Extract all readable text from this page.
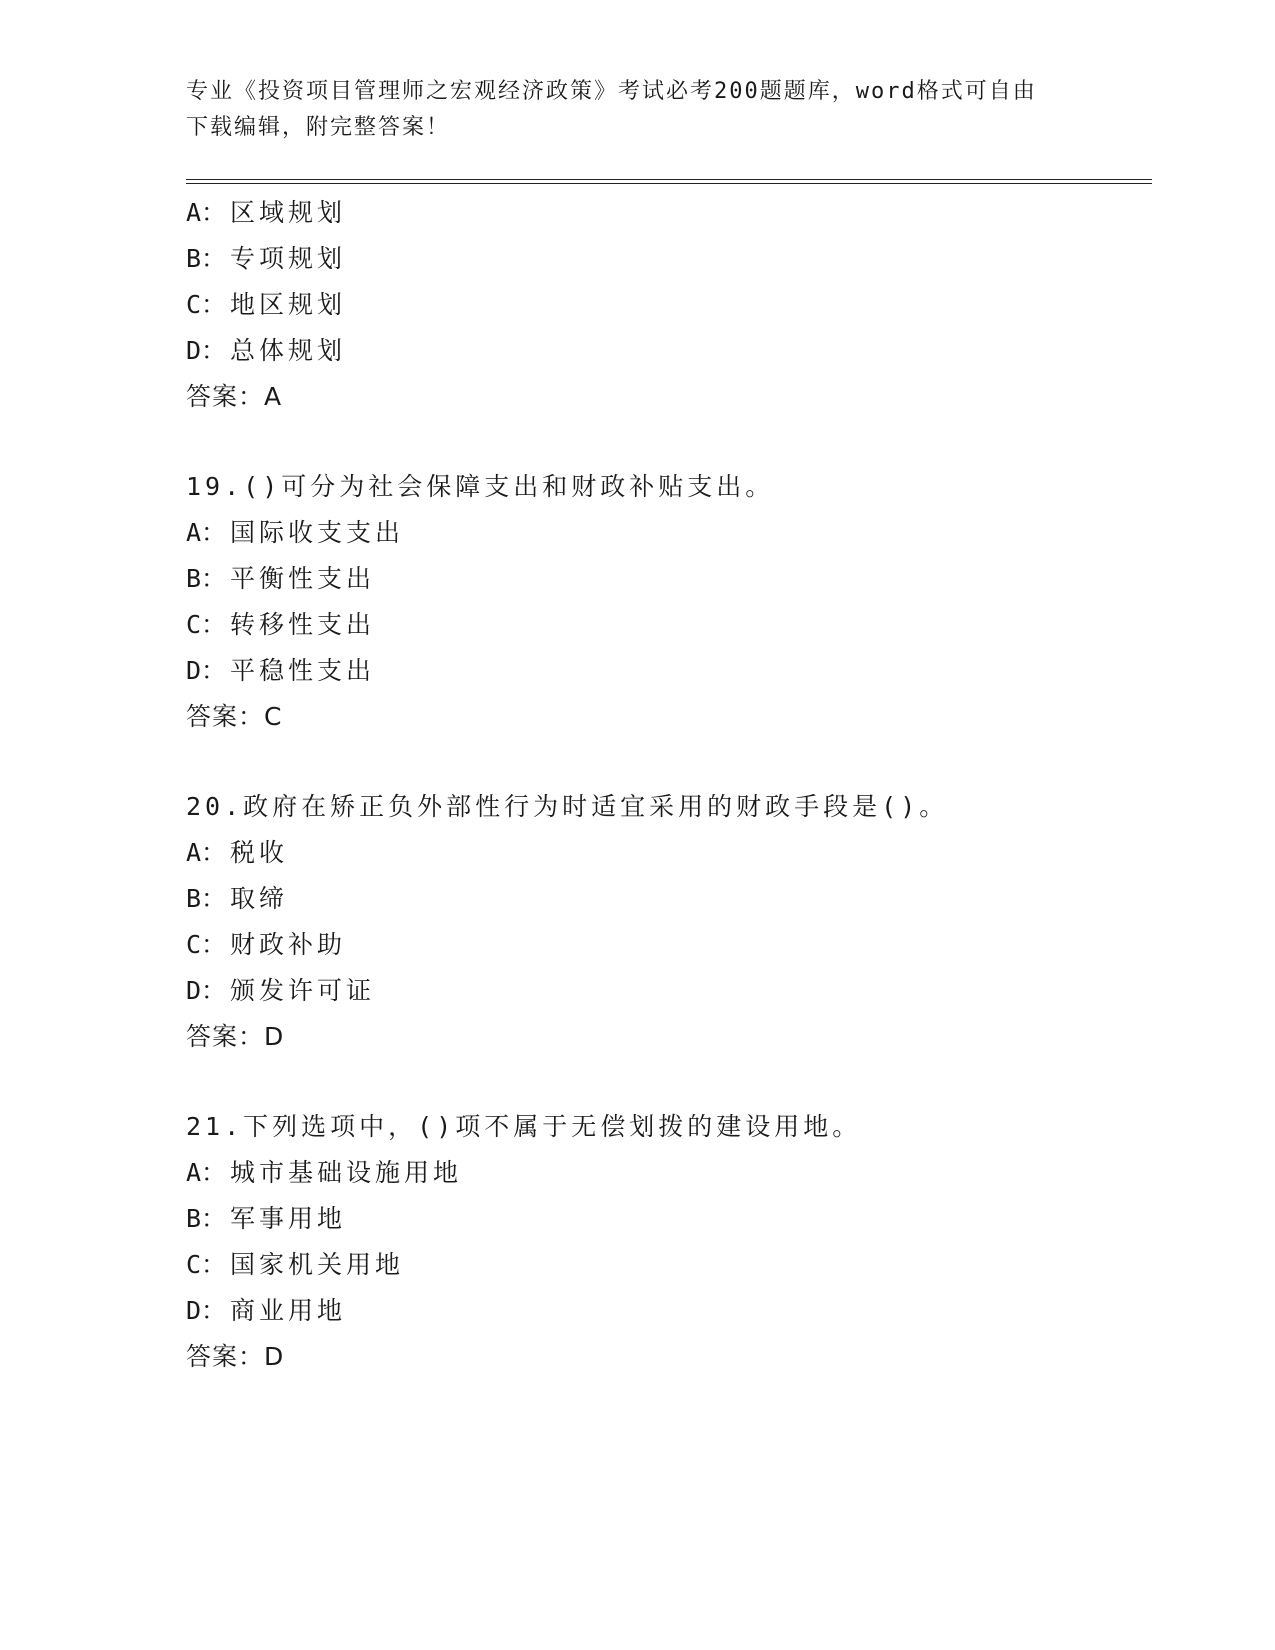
专业《投资项目管理师之宏观经济政策》考试必考200题题库，word格式可自由
下载编辑，附完整答案！
A： 区域规划
B： 专项规划
C： 地区规划
D： 总体规划
答案：A
19.()可分为社会保障支出和财政补贴支出。
A： 国际收支支出
B： 平衡性支出
C： 转移性支出
D： 平稳性支出
答案：C
20.政府在矫正负外部性行为时适宜采用的财政手段是()。
A： 税收
B： 取缔
C： 财政补助
D： 颁发许可证
答案：D
21.下列选项中，()项不属于无偿划拨的建设用地。
A： 城市基础设施用地
B： 军事用地
C： 国家机关用地
D： 商业用地
答案：D
